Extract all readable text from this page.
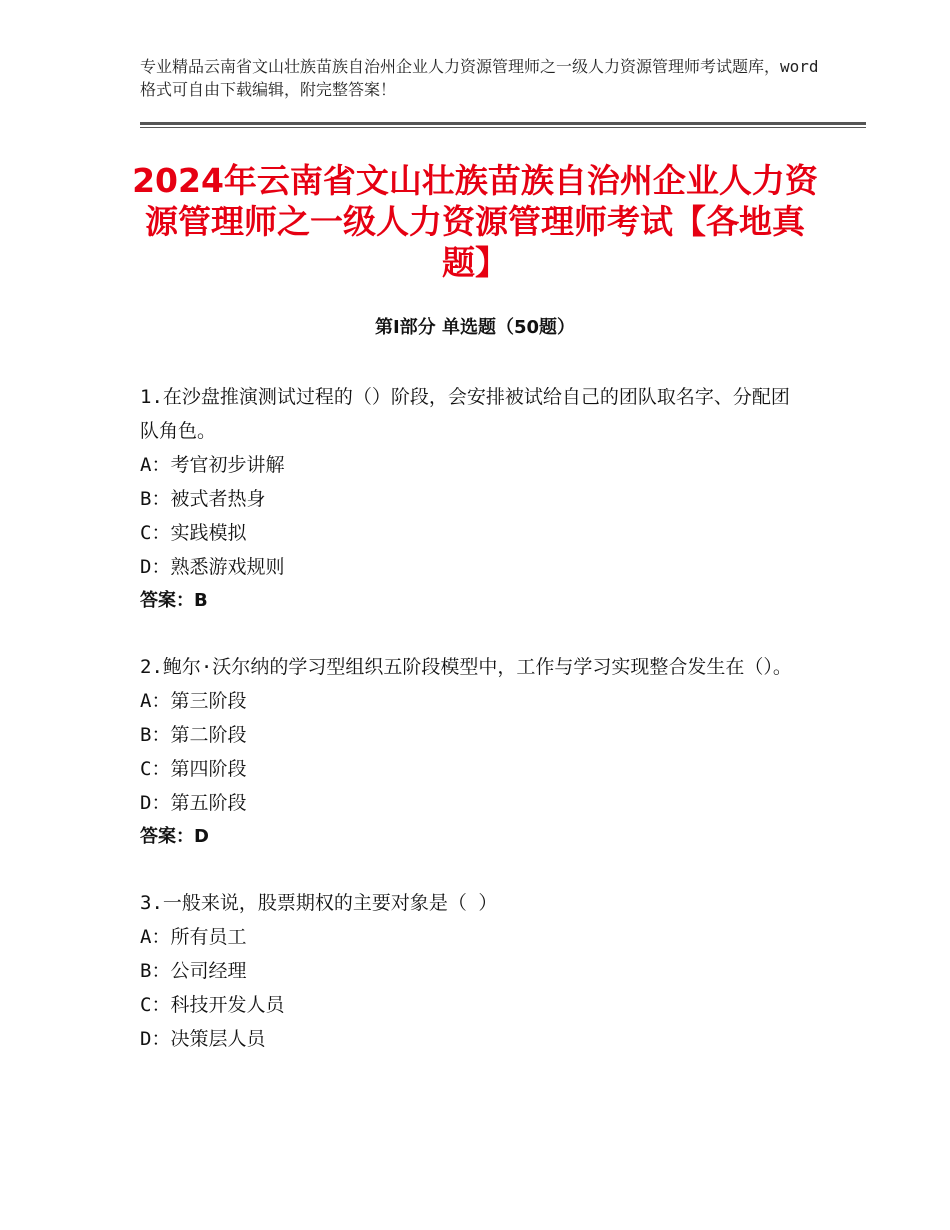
专业精品云南省文山壮族苗族自治州企业人力资源管理师之一级人力资源管理师考试题库，word格式可自由下载编辑，附完整答案！
2024年云南省文山壮族苗族自治州企业人力资源管理师之一级人力资源管理师考试【各地真题】
第Ⅰ部分 单选题（50题）
1.在沙盘推演测试过程的（）阶段，会安排被试给自己的团队取名字、分配团队角色。
A：考官初步讲解
B：被式者热身
C：实践模拟
D：熟悉游戏规则
答案：B
2.鲍尔·沃尔纳的学习型组织五阶段模型中，工作与学习实现整合发生在（）。
A：第三阶段
B：第二阶段
C：第四阶段
D：第五阶段
答案：D
3.一般来说，股票期权的主要对象是（ ）
A：所有员工
B：公司经理
C：科技开发人员
D：决策层人员
